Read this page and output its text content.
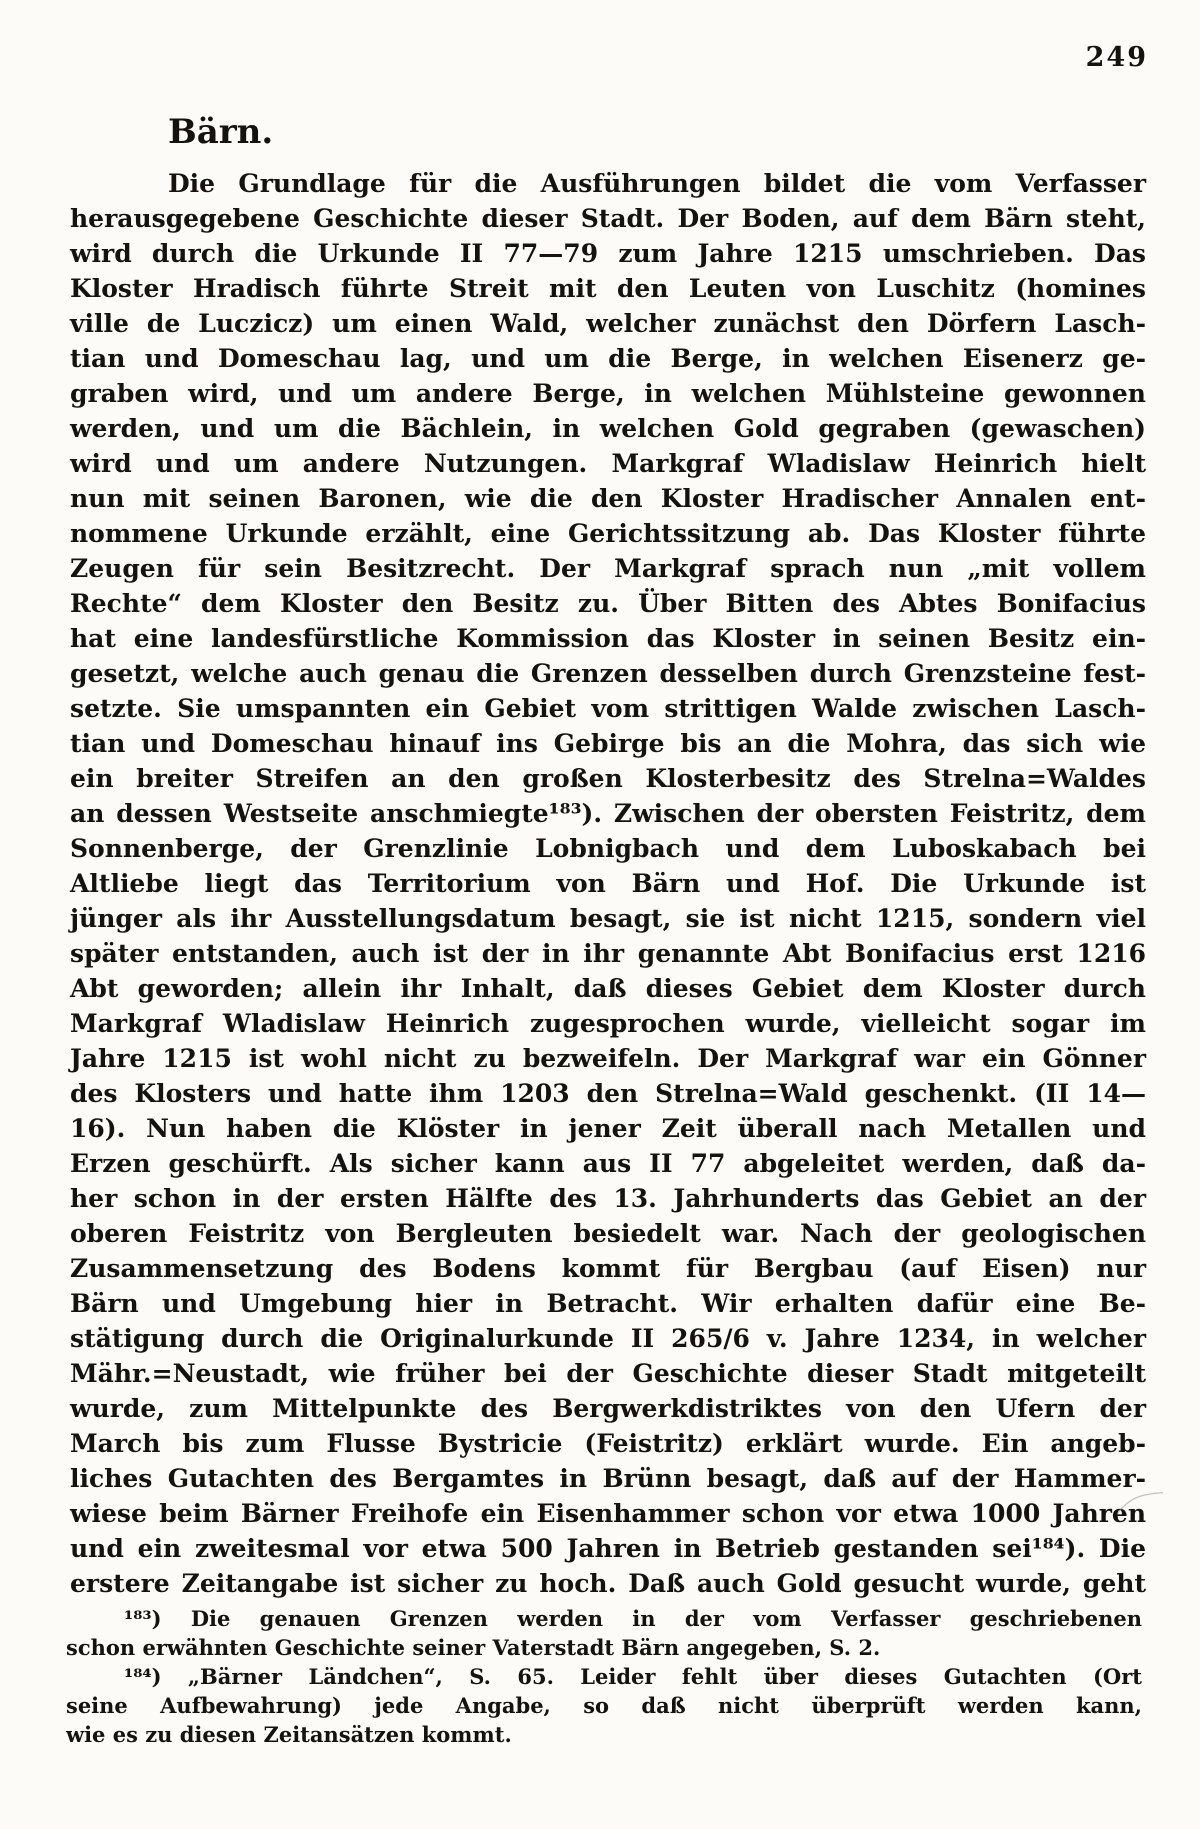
249
Bärn.
Die Grundlage für die Ausführungen bildet die vom Verfasser
herausgegebene Geschichte dieser Stadt. Der Boden, auf dem Bärn steht,
wird durch die Urkunde II 77—79 zum Jahre 1215 umschrieben. Das
Kloster Hradisch führte Streit mit den Leuten von Luschitz (homines
ville de Luczicz) um einen Wald, welcher zunächst den Dörfern Lasch-
tian und Domeschau lag, und um die Berge, in welchen Eisenerz ge-
graben wird, und um andere Berge, in welchen Mühlsteine gewonnen
werden, und um die Bächlein, in welchen Gold gegraben (gewaschen)
wird und um andere Nutzungen. Markgraf Wladislaw Heinrich hielt
nun mit seinen Baronen, wie die den Kloster Hradischer Annalen ent-
nommene Urkunde erzählt, eine Gerichtssitzung ab. Das Kloster führte
Zeugen für sein Besitzrecht. Der Markgraf sprach nun „mit vollem
Rechte“ dem Kloster den Besitz zu. Über Bitten des Abtes Bonifacius
hat eine landesfürstliche Kommission das Kloster in seinen Besitz ein-
gesetzt, welche auch genau die Grenzen desselben durch Grenzsteine fest-
setzte. Sie umspannten ein Gebiet vom strittigen Walde zwischen Lasch-
tian und Domeschau hinauf ins Gebirge bis an die Mohra, das sich wie
ein breiter Streifen an den großen Klosterbesitz des Strelna=Waldes
an dessen Westseite anschmiegte¹⁸³). Zwischen der obersten Feistritz, dem
Sonnenberge, der Grenzlinie Lobnigbach und dem Luboskabach bei
Altliebe liegt das Territorium von Bärn und Hof. Die Urkunde ist
jünger als ihr Ausstellungsdatum besagt, sie ist nicht 1215, sondern viel
später entstanden, auch ist der in ihr genannte Abt Bonifacius erst 1216
Abt geworden; allein ihr Inhalt, daß dieses Gebiet dem Kloster durch
Markgraf Wladislaw Heinrich zugesprochen wurde, vielleicht sogar im
Jahre 1215 ist wohl nicht zu bezweifeln. Der Markgraf war ein Gönner
des Klosters und hatte ihm 1203 den Strelna=Wald geschenkt. (II 14—
16). Nun haben die Klöster in jener Zeit überall nach Metallen und
Erzen geschürft. Als sicher kann aus II 77 abgeleitet werden, daß da-
her schon in der ersten Hälfte des 13. Jahrhunderts das Gebiet an der
oberen Feistritz von Bergleuten besiedelt war. Nach der geologischen
Zusammensetzung des Bodens kommt für Bergbau (auf Eisen) nur
Bärn und Umgebung hier in Betracht. Wir erhalten dafür eine Be-
stätigung durch die Originalurkunde II 265/6 v. Jahre 1234, in welcher
Mähr.=Neustadt, wie früher bei der Geschichte dieser Stadt mitgeteilt
wurde, zum Mittelpunkte des Bergwerkdistriktes von den Ufern der
March bis zum Flusse Bystricie (Feistritz) erklärt wurde. Ein angeb-
liches Gutachten des Bergamtes in Brünn besagt, daß auf der Hammer-
wiese beim Bärner Freihofe ein Eisenhammer schon vor etwa 1000 Jahren
und ein zweitesmal vor etwa 500 Jahren in Betrieb gestanden sei¹⁸⁴). Die
erstere Zeitangabe ist sicher zu hoch. Daß auch Gold gesucht wurde, geht
¹⁸³) Die genauen Grenzen werden in der vom Verfasser geschriebenen
schon erwähnten Geschichte seiner Vaterstadt Bärn angegeben, S. 2.
¹⁸⁴) „Bärner Ländchen“, S. 65. Leider fehlt über dieses Gutachten (Ort
seine Aufbewahrung) jede Angabe, so daß nicht überprüft werden kann,
wie es zu diesen Zeitansätzen kommt.
